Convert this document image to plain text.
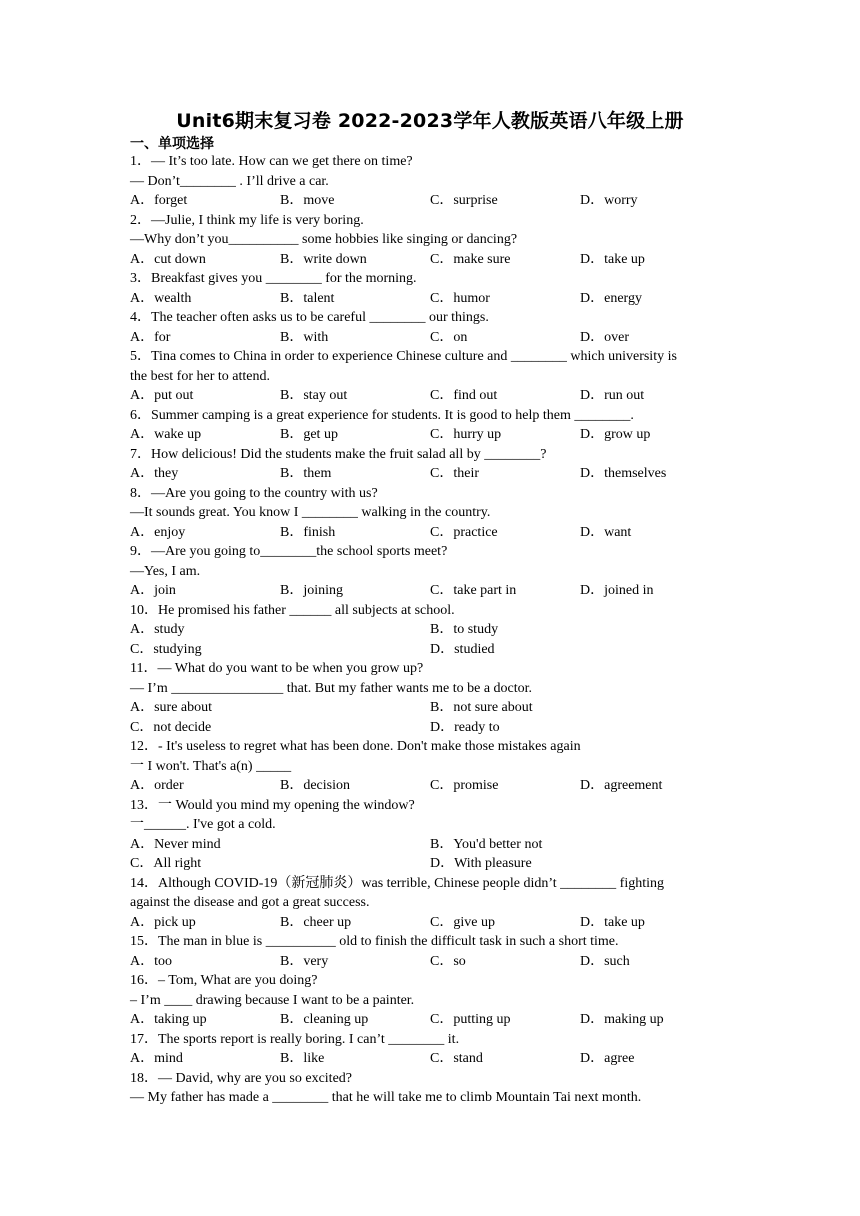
Unit6期末复习卷 2022-2023学年人教版英语八年级上册
一、单项选择
1．— It’s too late. How can we get there on time?
— Don’t________ . I’ll drive a car.
A．forget	B．move	C．surprise	D．worry
2．—Julie, I think my life is very boring.
—Why don’t you__________ some hobbies like singing or dancing?
A．cut down	B．write down	C．make sure	D．take up
3．Breakfast gives you ________ for the morning.
A．wealth	B．talent	C．humor	D．energy
4．The teacher often asks us to be careful ________ our things.
A．for	B．with	C．on	D．over
5．Tina comes to China in order to experience Chinese culture and ________ which university is
the best for her to attend.
A．put out	B．stay out	C．find out	D．run out
6．Summer camping is a great experience for students. It is good to help them ________.
A．wake up	B．get up	C．hurry up	D．grow up
7．How delicious! Did the students make the fruit salad all by ________?
A．they	B．them	C．their	D．themselves
8．—Are you going to the country with us?
—It sounds great. You know I ________ walking in the country.
A．enjoy	B．finish	C．practice	D．want
9．—Are you going to________the school sports meet?
—Yes, I am.
A．join	B．joining	C．take part in	D．joined in
10．He promised his father ______ all subjects at school.
A．study	B．to study
C．studying	D．studied
11．— What do you want to be when you grow up?
— I’m ________________ that. But my father wants me to be a doctor.
A．sure about	B．not sure about
C．not decide	D．ready to
12．- It's useless to regret what has been done. Don't make those mistakes again
一 I won't. That's a(n) _____
A．order	B．decision	C．promise	D．agreement
13．一 Would you mind my opening the window?
一______. I've got a cold.
A．Never mind	B．You'd better not
C．All right	D．With pleasure
14．Although COVID-19（新冠肺炎）was terrible, Chinese people didn’t ________ fighting
against the disease and got a great success.
A．pick up	B．cheer up	C．give up	D．take up
15．The man in blue is __________ old to finish the difficult task in such a short time.
A．too	B．very	C．so	D．such
16．– Tom, What are you doing?
– I’m ____ drawing because I want to be a painter.
A．taking up	B．cleaning up	C．putting up	D．making up
17．The sports report is really boring. I can’t ________ it.
A．mind	B．like	C．stand	D．agree
18．— David, why are you so excited?
— My father has made a ________ that he will take me to climb Mountain Tai next month.
